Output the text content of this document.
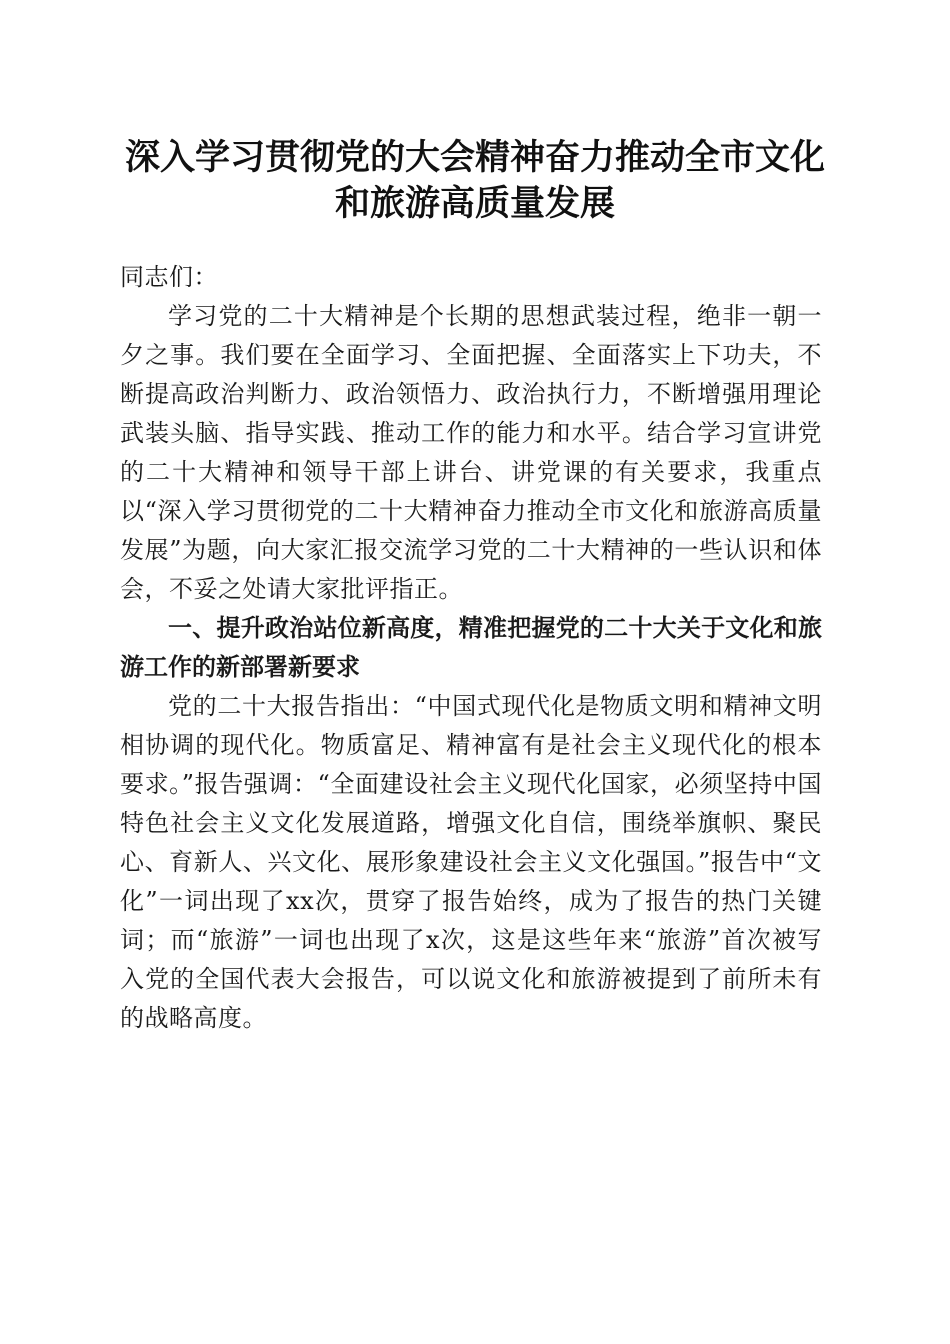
深入学习贯彻党的大会精神奋力推动全市文化
和旅游高质量发展

同志们：

学习党的二十大精神是个长期的思想武装过程，绝非一朝一夕之事。我们要在全面学习、全面把握、全面落实上下功夫，不断提高政治判断力、政治领悟力、政治执行力，不断增强用理论武装头脑、指导实践、推动工作的能力和水平。结合学习宣讲党的二十大精神和领导干部上讲台、讲党课的有关要求，我重点以“深入学习贯彻党的二十大精神奋力推动全市文化和旅游高质量发展”为题，向大家汇报交流学习党的二十大精神的一些认识和体会，不妥之处请大家批评指正。

一、提升政治站位新高度，精准把握党的二十大关于文化和旅游工作的新部署新要求

党的二十大报告指出：“中国式现代化是物质文明和精神文明相协调的现代化。物质富足、精神富有是社会主义现代化的根本要求。”报告强调：“全面建设社会主义现代化国家，必须坚持中国特色社会主义文化发展道路，增强文化自信，围绕举旗帜、聚民心、育新人、兴文化、展形象建设社会主义文化强国。”报告中“文化”一词出现了xx次，贯穿了报告始终，成为了报告的热门关键词；而“旅游”一词也出现了x次，这是这些年来“旅游”首次被写入党的全国代表大会报告，可以说文化和旅游被提到了前所未有的战略高度。
